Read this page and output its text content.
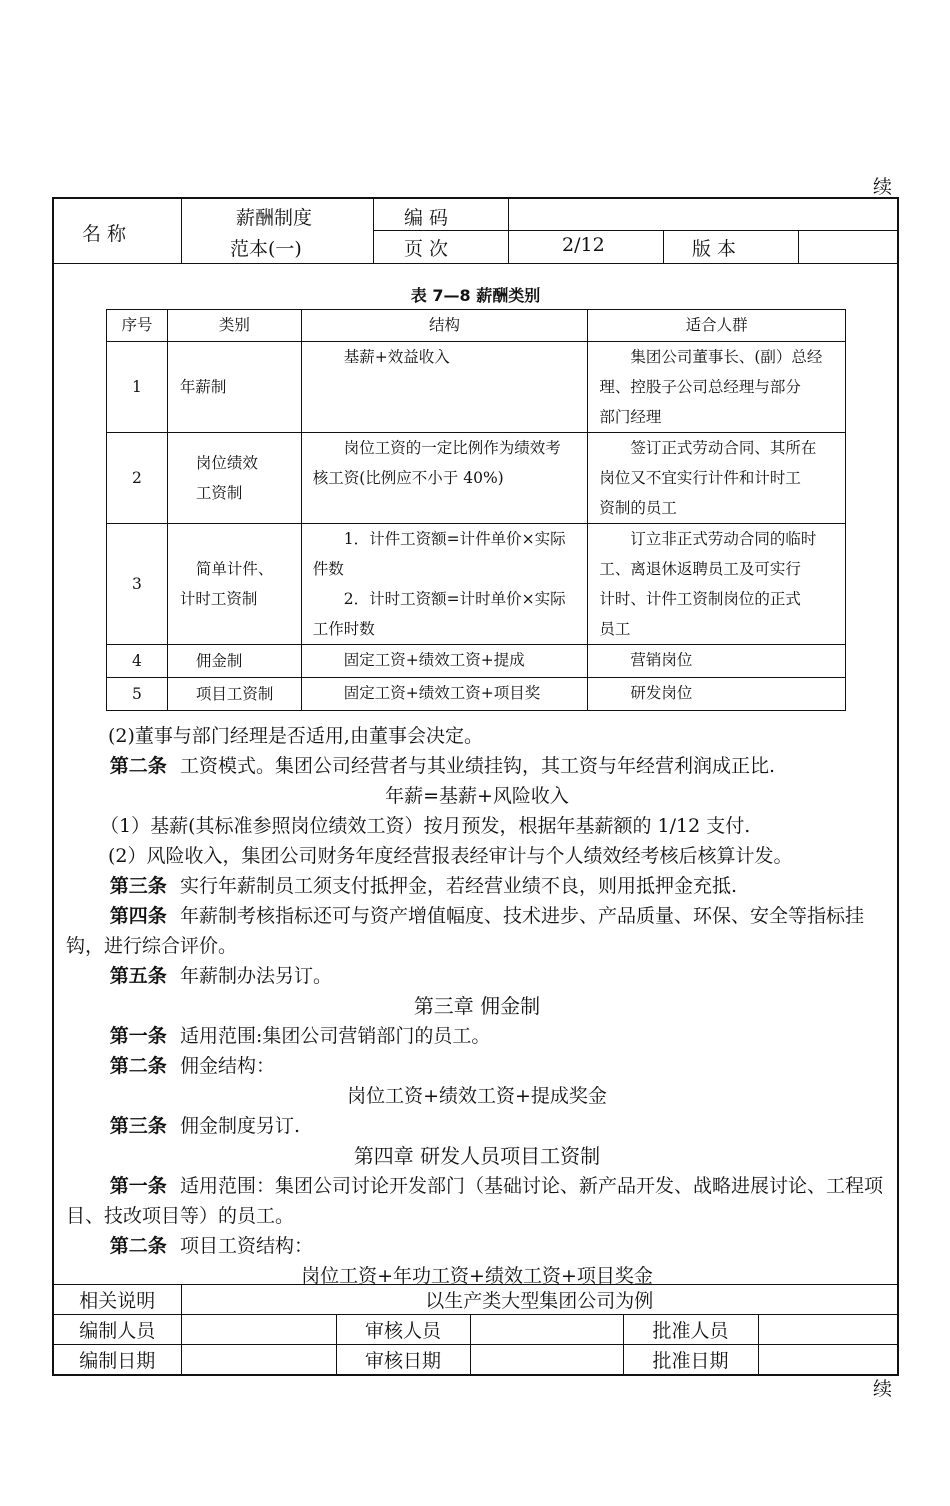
续
名 称
薪酬制度
范本(一)
编 码
页 次	2/12	版 本
表 7—8 薪酬类别
序号	类别	结构	适合人群
1	年薪制	基薪+效益收入	集团公司董事长、(副）总经
理、控股子公司总经理与部分
部门经理

2	岗位绩效
工资制	岗位工资的一定比例作为绩效考
核工资(比例应不小于 40%)	签订正式劳动合同、其所在
岗位又不宜实行计件和计时工
资制的员工

3	简单计件、
计时工资制	1．计件工资额=计件单价×实际
件数
2．计时工资额=计时单价×实际
工作时数	订立非正式劳动合同的临时
工、离退休返聘员工及可实行
计时、计件工资制岗位的正式
员工

4	佣金制	固定工资+绩效工资+提成	营销岗位

5	项目工资制	固定工资+绩效工资+项目奖	研发岗位

(2)董事与部门经理是否适用,由董事会决定。

第二条 工资模式。集团公司经营者与其业绩挂钩，其工资与年经营利润成正比.

年薪=基薪+风险收入

（1）基薪(其标准参照岗位绩效工资）按月预发，根据年基薪额的 1/12 支付.

(2）风险收入，集团公司财务年度经营报表经审计与个人绩效经考核后核算计发。

第三条 实行年薪制员工须支付抵押金，若经营业绩不良，则用抵押金充抵.

第四条 年薪制考核指标还可与资产增值幅度、技术进步、产品质量、环保、安全等指标挂钩，进行综合评价。

第五条 年薪制办法另订。

第三章 佣金制

第一条 适用范围:集团公司营销部门的员工。

第二条 佣金结构：

岗位工资+绩效工资+提成奖金

第三条 佣金制度另订.

第四章 研发人员项目工资制

第一条 适用范围：集团公司讨论开发部门（基础讨论、新产品开发、战略进展讨论、工程项目、技改项目等）的员工。

第二条 项目工资结构：

岗位工资+年功工资+绩效工资+项目奖金

相关说明	以生产类大型集团公司为例				
编制人员		审核人员		批准人员	
编制日期		审核日期		批准日期	
续
